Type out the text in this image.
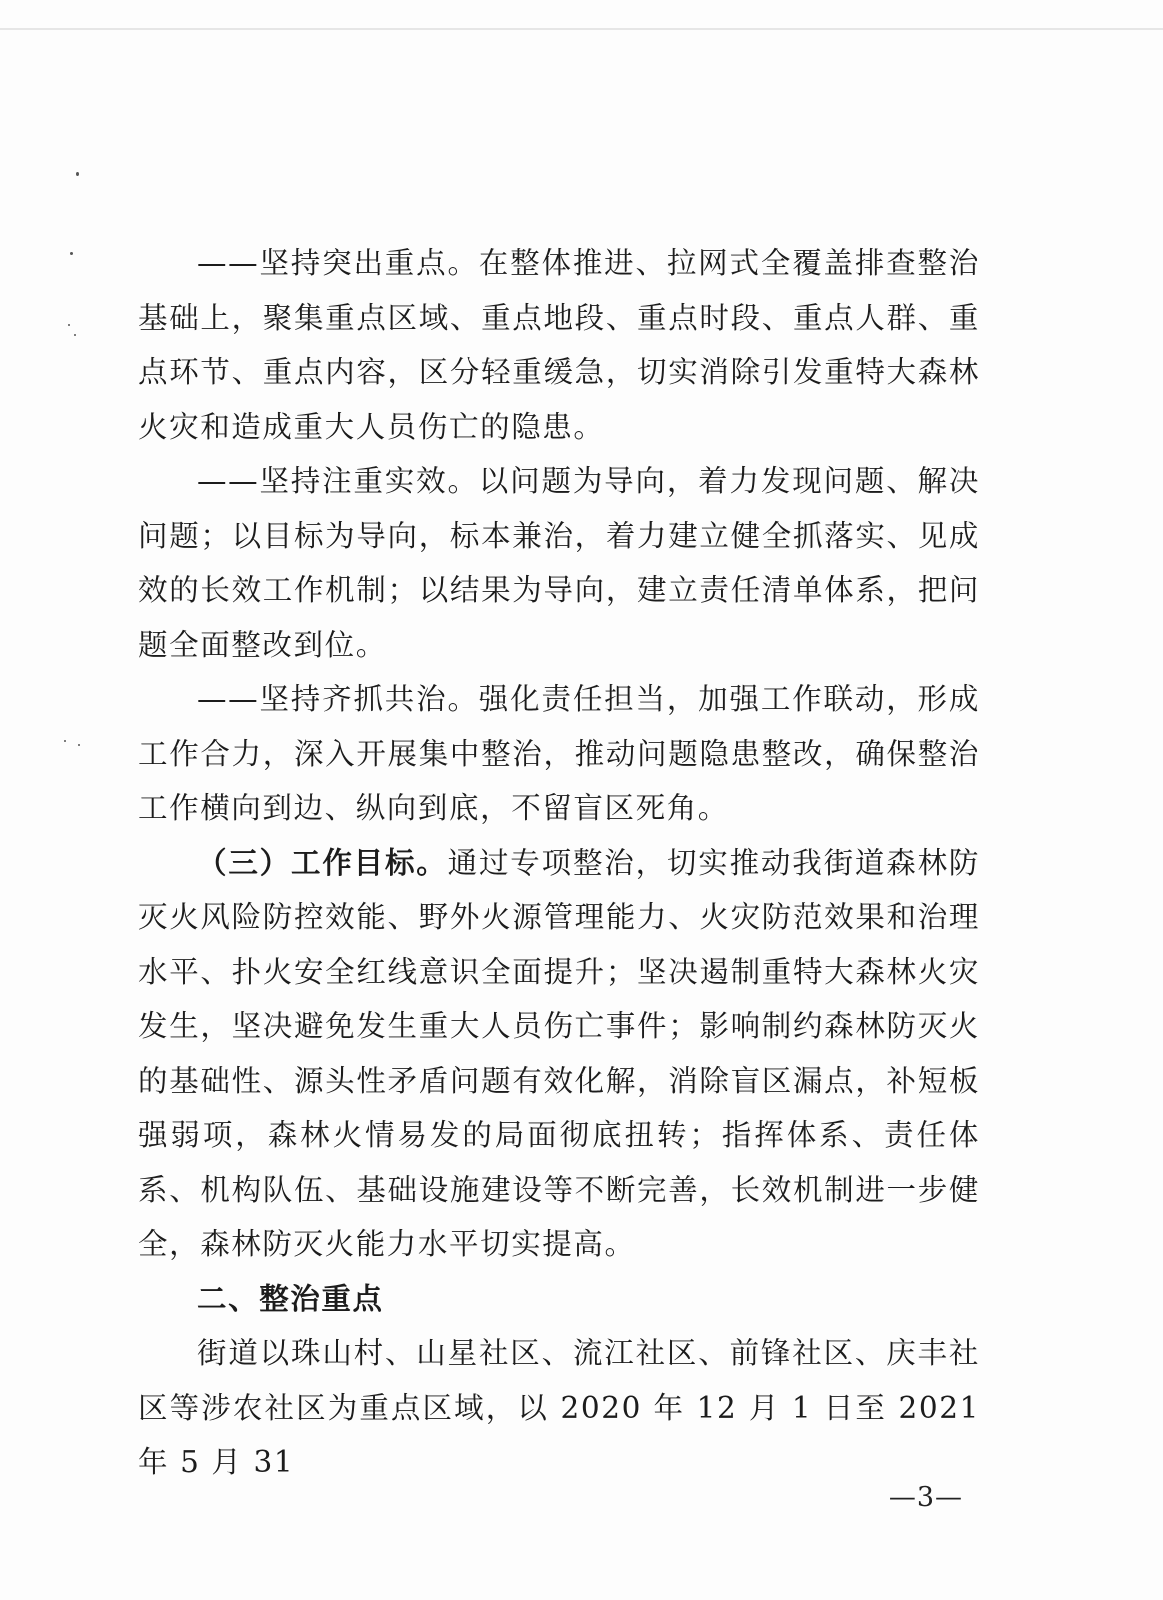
——坚持突出重点。在整体推进、拉网式全覆盖排查整治基础上，聚集重点区域、重点地段、重点时段、重点人群、重点环节、重点内容，区分轻重缓急，切实消除引发重特大森林火灾和造成重大人员伤亡的隐患。

——坚持注重实效。以问题为导向，着力发现问题、解决问题；以目标为导向，标本兼治，着力建立健全抓落实、见成效的长效工作机制；以结果为导向，建立责任清单体系，把问题全面整改到位。

——坚持齐抓共治。强化责任担当，加强工作联动，形成工作合力，深入开展集中整治，推动问题隐患整改，确保整治工作横向到边、纵向到底，不留盲区死角。

（三）工作目标。通过专项整治，切实推动我街道森林防灭火风险防控效能、野外火源管理能力、火灾防范效果和治理水平、扑火安全红线意识全面提升；坚决遏制重特大森林火灾发生，坚决避免发生重大人员伤亡事件；影响制约森林防灭火的基础性、源头性矛盾问题有效化解，消除盲区漏点，补短板强弱项，森林火情易发的局面彻底扭转；指挥体系、责任体系、机构队伍、基础设施建设等不断完善，长效机制进一步健全，森林防灭火能力水平切实提高。

二、整治重点

街道以珠山村、山星社区、流江社区、前锋社区、庆丰社区等涉农社区为重点区域，以 2020 年 12 月 1 日至 2021 年 5 月 31

—3—
